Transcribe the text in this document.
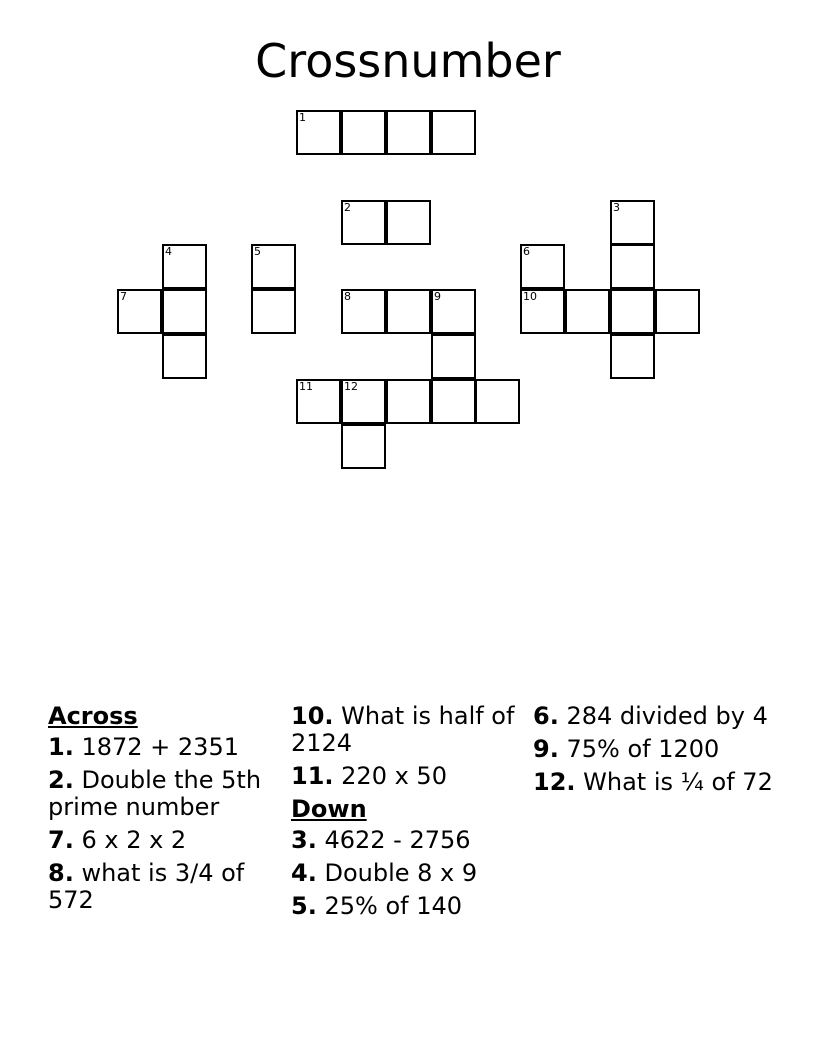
Crossnumber
1
2	3
4	5	6
7	8	9	10
11	12
Across
1. 1872 + 2351
2. Double the 5th prime number
7. 6 x 2 x 2
8. what is 3/4 of 572
10. What is half of 2124
11. 220 x 50
Down
3. 4622 - 2756
4. Double 8 x 9
5. 25% of 140
6. 284 divided by 4
9. 75% of 1200
12. What is ¼ of 72
